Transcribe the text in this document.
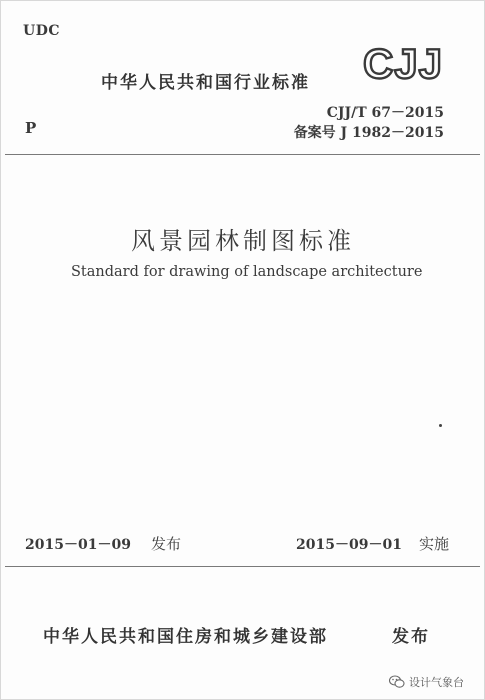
UDC
中华人民共和国行业标准 CJJ
CJJ/T 67－2015
P	备案号 J 1982－2015
风景园林制图标准
Standard for drawing of landscape architecture
2015－01－09 发布	2015－09－01 实施
中华人民共和国住房和城乡建设部	发布
设计气象台
